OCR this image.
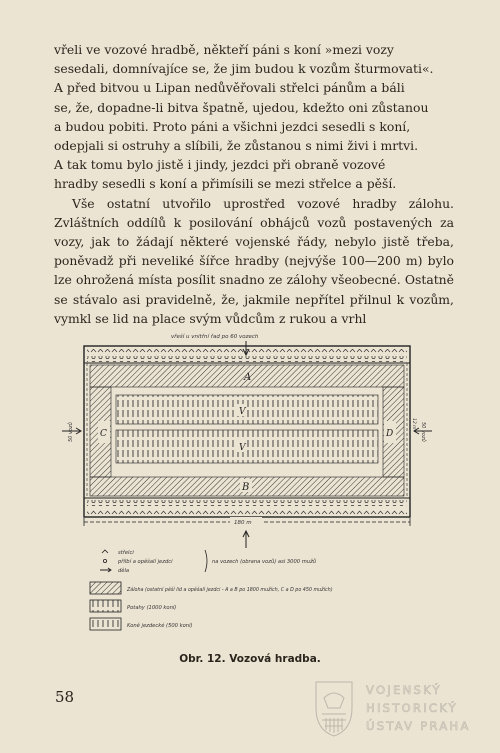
vřeli ve vozové hradbě, někteří páni s koní »mezi vozy

sesedali, domnívajíce se, že jim budou k vozům šturmovati«.

A před bitvou u Lipan nedůvěřovali střelci pánům a báli

se, že, dopadne-li bitva špatně, ujedou, kdežto oni zůstanou

a budou pobiti. Proto páni a všichni jezdci sesedli s koní,

odepjali si ostruhy a slíbili, že zůstanou s nimi živi i mrtvi.

A tak tomu bylo jistě i jindy, jezdci při obraně vozové

hradby sesedli s koní a přimísili se mezi střelce a pěší.

Vše ostatní utvořilo uprostřed vozové hradby zálohu. Zvláštních oddílů k posilování obhájců vozů postavených za vozy, jak to žádají některé vojenské řády, nebylo jistě třeba, poněvadž při neveliké šířce hradby (nejvýše 100—200 m) bylo lze ohrožená místa posílit snadno ze zálohy všeobecné. Ostatně se stávalo asi pravidelně, že, jakmile nepřítel přilnul k vozům, vymkl se lid na place svým vůdcům z rukou a vrhl

vřeší u vnitřní řad po 60 vozech
A
C	D
V
V
B
50 vozů	50 vozů
12 m
180 m
střelci
přílbí a opěšalí jezdci
děla
na vozech (obrana vozů) asi 3000 mužů
Záloha (ostatní pěší lid a opěšalí jezdci - A a B po 1800 mužích, C a D po 450 mužích)
Potahy (1000 koní)
Koně jezdecké (500 koní)
Obr. 12. Vozová hradba.
58	VOJENSKÝ
HISTORICKÝ
ÚSTAV PRAHA
